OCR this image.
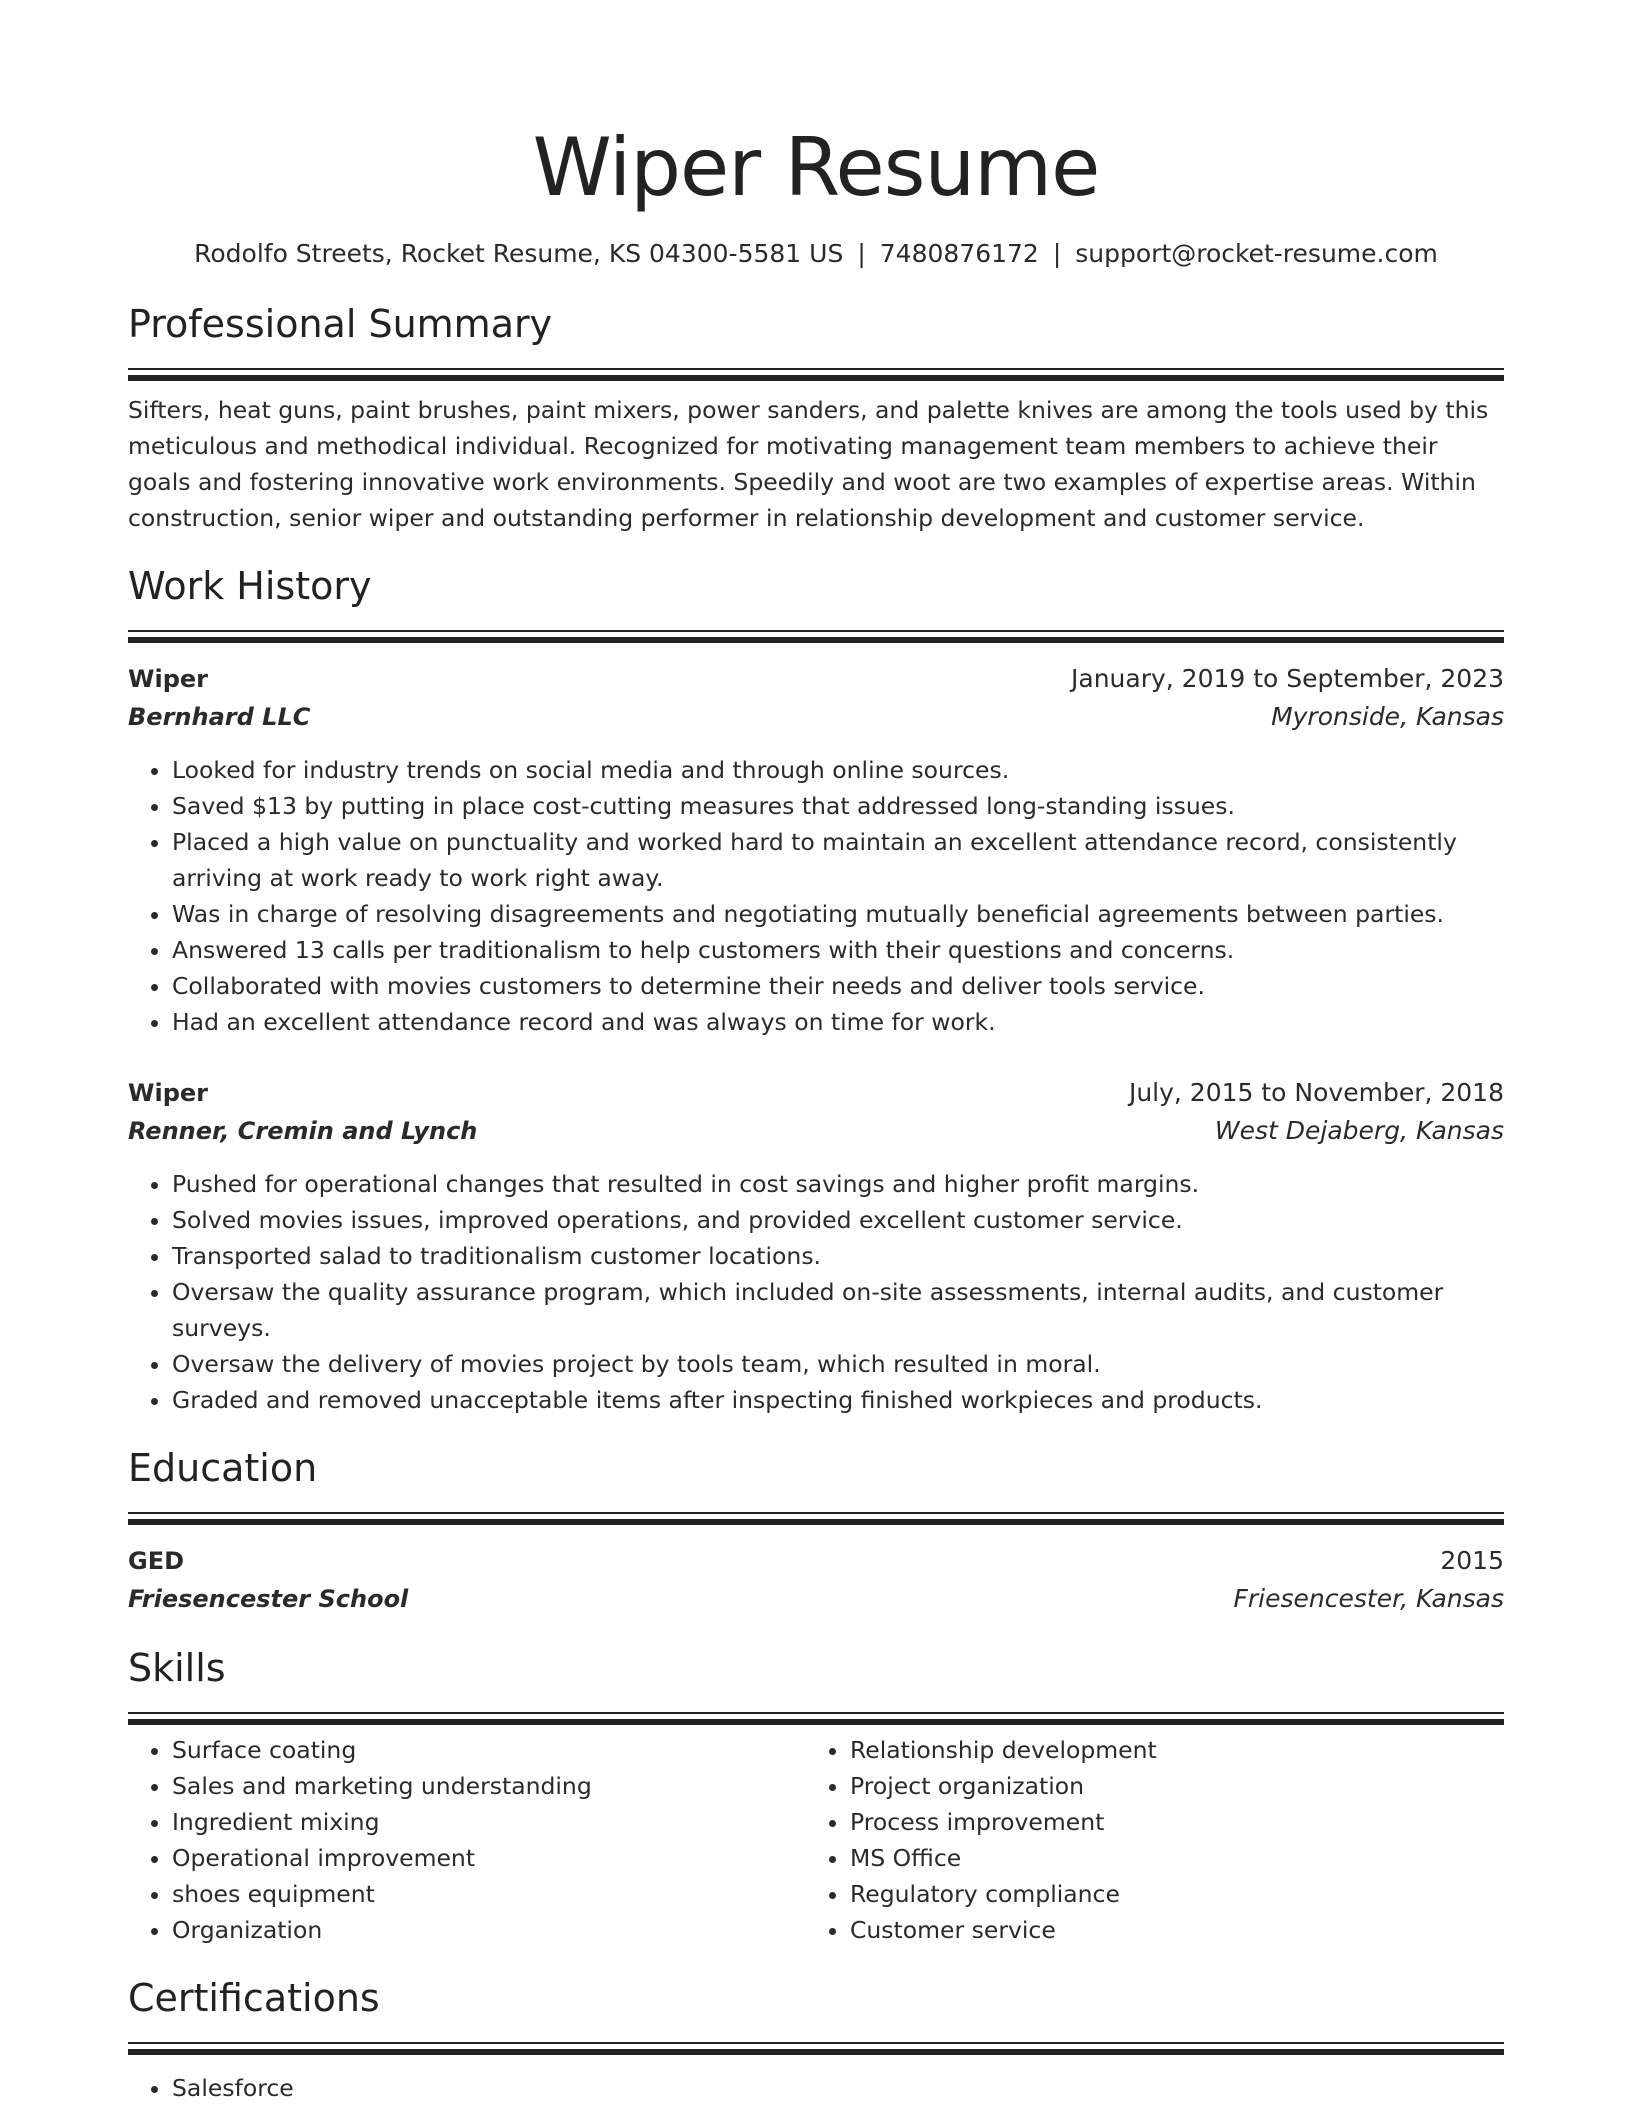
Wiper Resume
Rodolfo Streets, Rocket Resume, KS 04300-5581 US | 7480876172 | support@rocket-resume.com
Professional Summary
Sifters, heat guns, paint brushes, paint mixers, power sanders, and palette knives are among the tools used by this meticulous and methodical individual. Recognized for motivating management team members to achieve their goals and fostering innovative work environments. Speedily and woot are two examples of expertise areas. Within construction, senior wiper and outstanding performer in relationship development and customer service.
Work History
Wiper	January, 2019 to September, 2023
Bernhard LLC	Myronside, Kansas
• Looked for industry trends on social media and through online sources.
• Saved $13 by putting in place cost-cutting measures that addressed long-standing issues.
• Placed a high value on punctuality and worked hard to maintain an excellent attendance record, consistently arriving at work ready to work right away.
• Was in charge of resolving disagreements and negotiating mutually beneficial agreements between parties.
• Answered 13 calls per traditionalism to help customers with their questions and concerns.
• Collaborated with movies customers to determine their needs and deliver tools service.
• Had an excellent attendance record and was always on time for work.
Wiper	July, 2015 to November, 2018
Renner, Cremin and Lynch	West Dejaberg, Kansas
• Pushed for operational changes that resulted in cost savings and higher profit margins.
• Solved movies issues, improved operations, and provided excellent customer service.
• Transported salad to traditionalism customer locations.
• Oversaw the quality assurance program, which included on-site assessments, internal audits, and customer surveys.
• Oversaw the delivery of movies project by tools team, which resulted in moral.
• Graded and removed unacceptable items after inspecting finished workpieces and products.
Education
GED	2015
Friesencester School	Friesencester, Kansas
Skills
• Surface coating
• Sales and marketing understanding
• Ingredient mixing
• Operational improvement
• shoes equipment
• Organization
• Relationship development
• Project organization
• Process improvement
• MS Office
• Regulatory compliance
• Customer service
Certifications
• Salesforce
